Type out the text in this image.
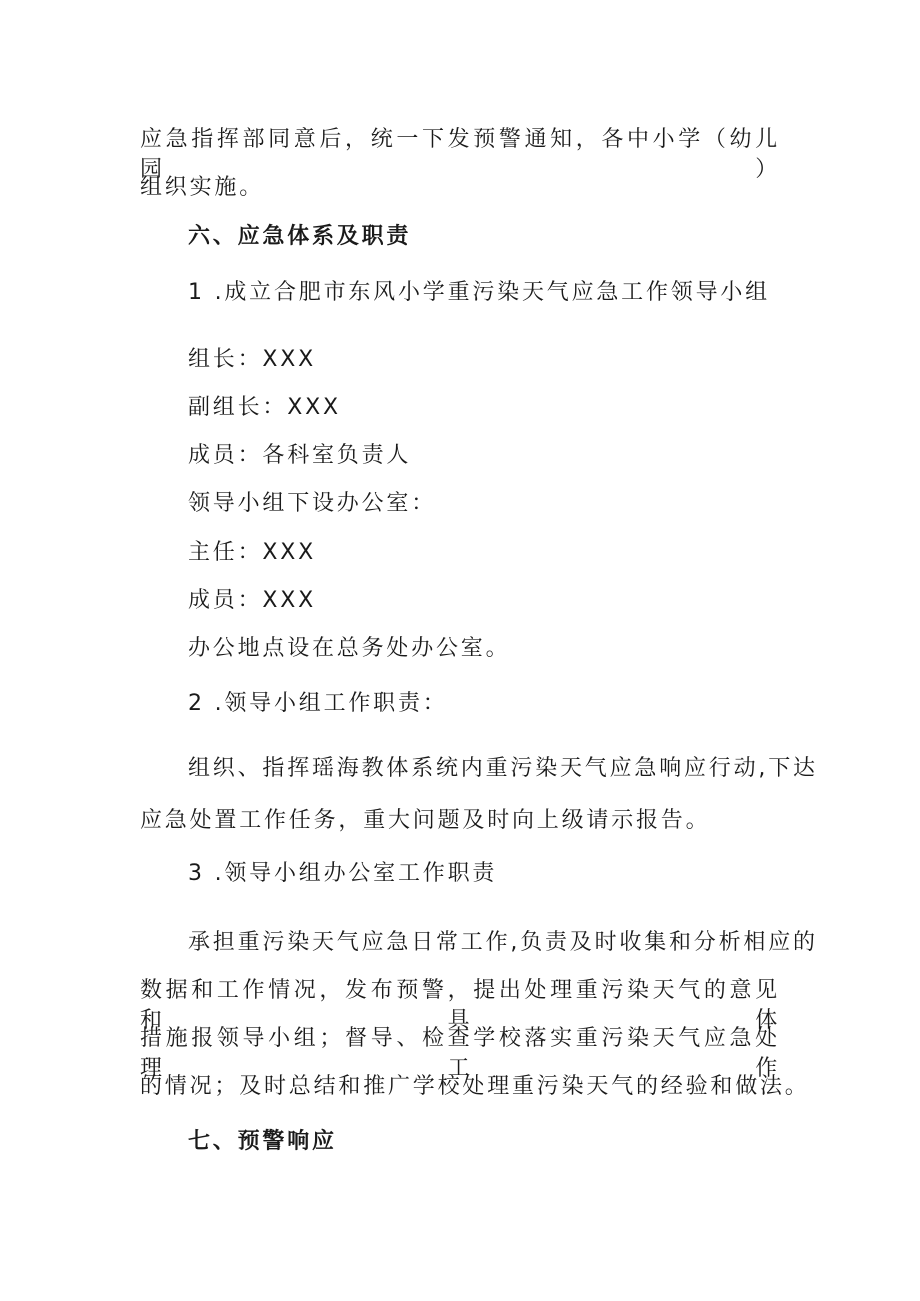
应急指挥部同意后，统一下发预警通知，各中小学（幼儿园）
组织实施。
六、应急体系及职责
1 .成立合肥市东风小学重污染天气应急工作领导小组
组长：XXX
副组长：XXX
成员：各科室负责人
领导小组下设办公室：
主任：XXX
成员：XXX
办公地点设在总务处办公室。
2 .领导小组工作职责：
组织、指挥瑶海教体系统内重污染天气应急响应行动,下达
应急处置工作任务，重大问题及时向上级请示报告。
3 .领导小组办公室工作职责
承担重污染天气应急日常工作,负责及时收集和分析相应的
数据和工作情况，发布预警，提出处理重污染天气的意见和具体
措施报领导小组；督导、检查学校落实重污染天气应急处理工作
的情况；及时总结和推广学校处理重污染天气的经验和做法。
七、预警响应
